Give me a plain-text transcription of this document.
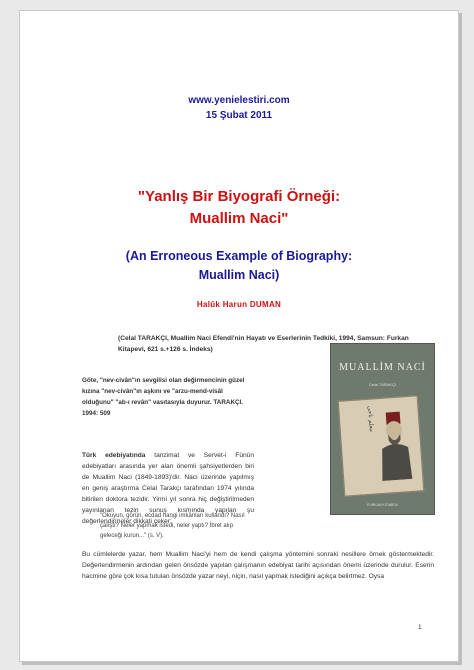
www.yenielestiri.com
15 Şubat 2011
"Yanlış Bir Biyografi Örneği:
Muallim Naci"
(An Erroneous Example of Biography:
Muallim Naci)
Halûk Harun DUMAN
(Celal TARAKÇI, Muallim Naci Efendi'nin Hayatı ve Eserlerinin Tedkiki, 1994, Samsun: Furkan Kitapevi, 621 s.+126 s. İndeks)
Göte, "nev-civân"ın sevgilisi olan değirmencinin güzel kızına "nev-civân"ın aşkını ve "arzu-mend-visâl olduğunu" "ab-ı revân" vasıtasıyla duyurur. TARAKÇI. 1994: 509
MUALLİM NACİ
Celal TARAKÇI
معلم ناجی
FURKAN KİTABEVİ
Türk edebiyatında tanzimat ve Servet-i Fünûn edebiyatları arasında yer alan önemli şahsiyetlerden biri de Muallim Naci (1849-1893)'dir. Naci üzerinde yapılmış en geniş araştırma Celal Tarakçı tarafından 1974 yılında bitirilen doktora tezidir. Yirmi yıl sonra hiç değiştirilmeden yayınlanan tezin sunuş kısmında yapılan şu değerlendirmeler dikkati çeker:
"Okuyun, görün, ecdad hangi imkânları kullandı? Nasıl çalıştı? Neler yapmak istedi, neler yaptı? İbret alıp geleceği kurun..." (s. V).
Bu cümlelerde yazar, hem Muallim Naci'yi hem de kendi çalışma yöntemini sonraki nesillere örnek göstermektedir. Değerlendirmenin ardından gelen önsözde yapılan çalışmanın edebiyat tarihi açısından önemi üzerinde durulur. Eserin hacmine göre çok kısa tutulan önsözde yazar neyi, niçin, nasıl yapmak istediğini açıkça belirtmez. Oysa
1
